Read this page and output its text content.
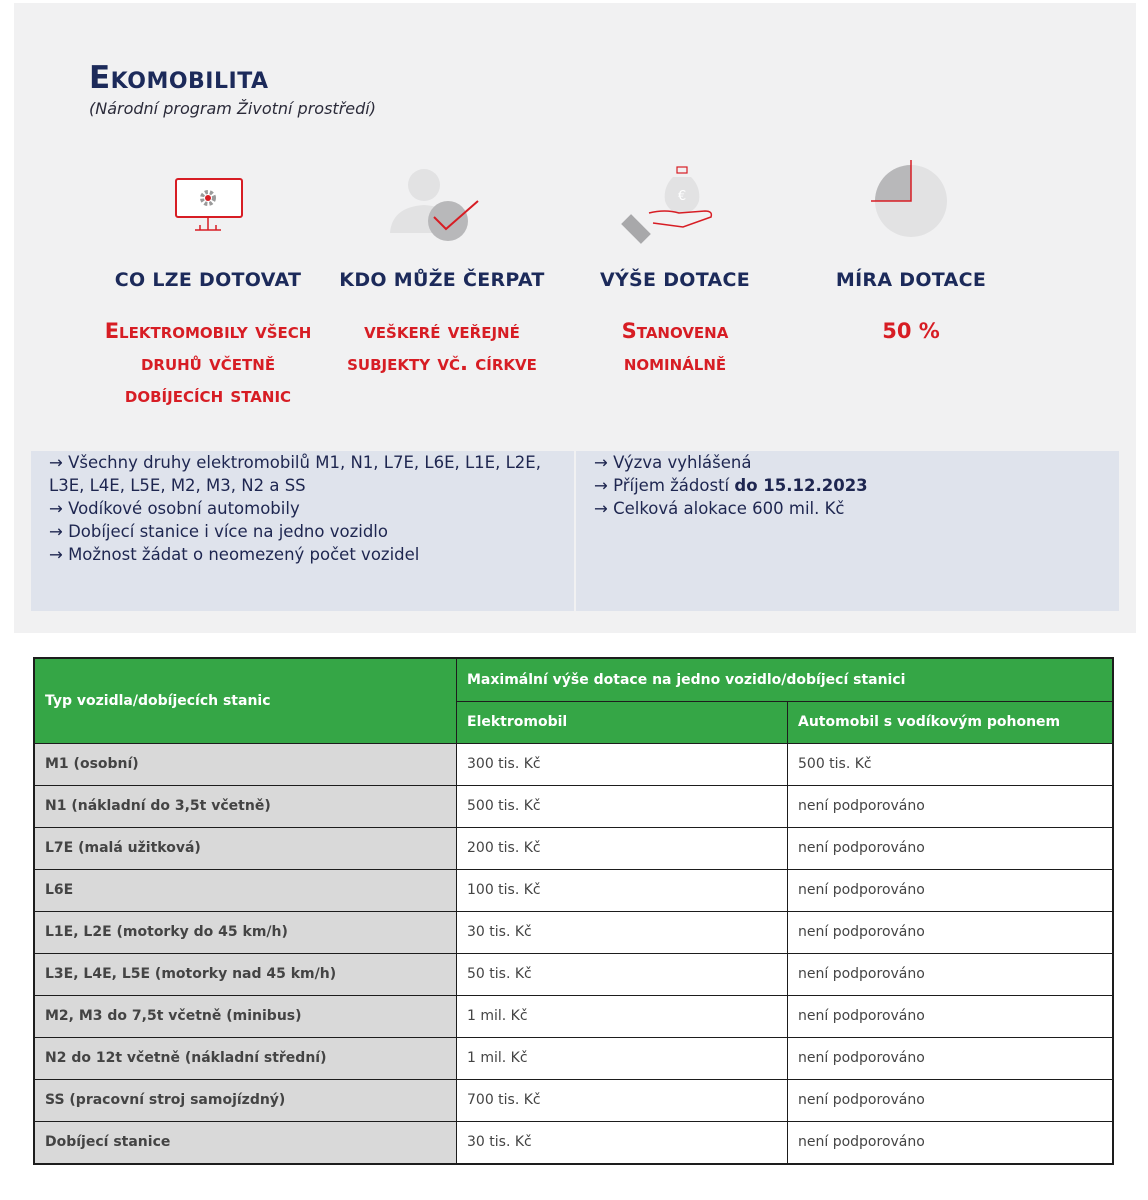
Ekomobilita
(Národní program Životní prostředí)
CO LZE DOTOVAT
Elektromobily všech
druhů včetně
dobíjecích stanic
KDO MŮŽE ČERPAT
veškeré veřejné
subjekty vč. církve
€
VÝŠE DOTACE
Stanovena
nominálně
MÍRA DOTACE
50 %
→ Všechny druhy elektromobilů M1, N1, L7E, L6E, L1E, L2E,
L3E, L4E, L5E, M2, M3, N2 a SS
→ Vodíkové osobní automobily
→ Dobíjecí stanice i více na jedno vozidlo
→ Možnost žádat o neomezený počet vozidel
→ Výzva vyhlášená
→ Příjem žádostí do 15.12.2023
→ Celková alokace 600 mil. Kč
Typ vozidla/dobíjecích stanic	Maximální výše dotace na jedno vozidlo/dobíjecí stanici	
	Elektromobil	Automobil s vodíkovým pohonem
M1 (osobní)	300 tis. Kč	500 tis. Kč
N1 (nákladní do 3,5t včetně)	500 tis. Kč	není podporováno
L7E (malá užitková)	200 tis. Kč	není podporováno
L6E	100 tis. Kč	není podporováno
L1E, L2E (motorky do 45 km/h)	30 tis. Kč	není podporováno
L3E, L4E, L5E (motorky nad 45 km/h)	50 tis. Kč	není podporováno
M2, M3 do 7,5t včetně (minibus)	1 mil. Kč	není podporováno
N2 do 12t včetně (nákladní střední)	1 mil. Kč	není podporováno
SS (pracovní stroj samojízdný)	700 tis. Kč	není podporováno
Dobíjecí stanice	30 tis. Kč	není podporováno
